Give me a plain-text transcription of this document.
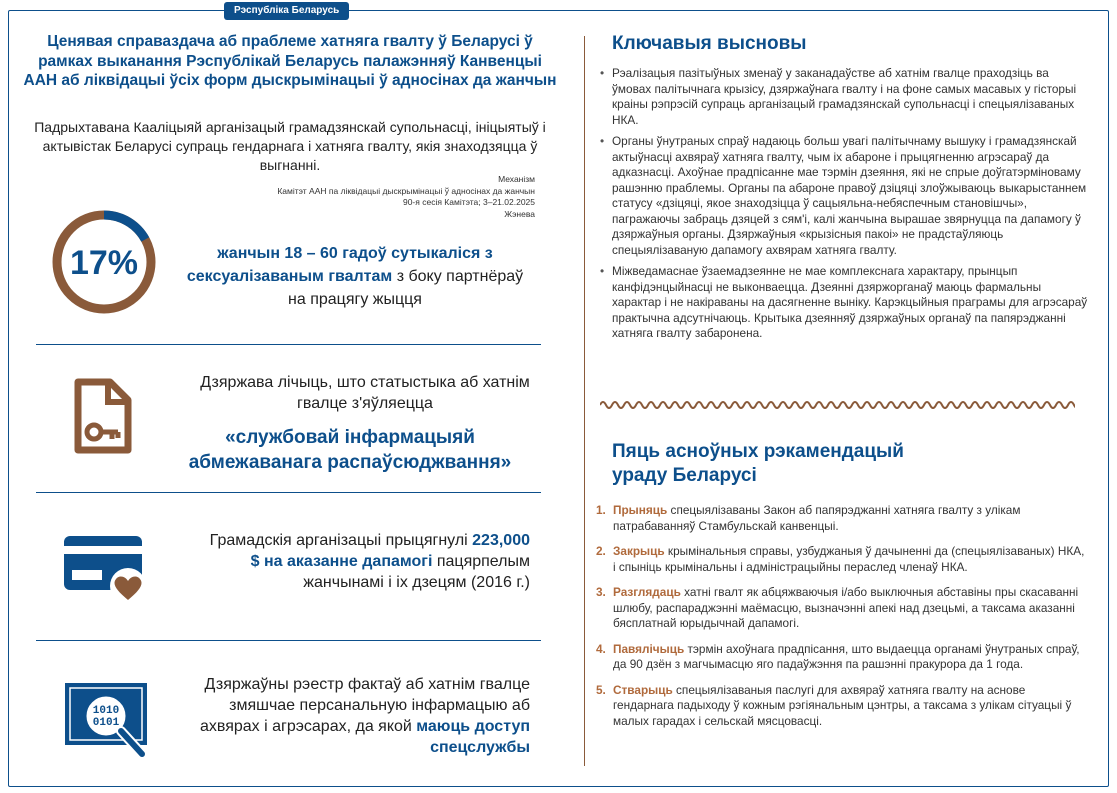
Рэспубліка Беларусь
Ценявая справаздача аб праблеме хатняга гвалту ў Беларусі ў рамках выканання Рэспублікай Беларусь палажэнняў Канвенцыі ААН аб ліквідацыі ўсіх форм дыскрымінацыі ў адносінах да жанчын
Падрыхтавана Кааліцыяй арганізацый грамадзянскай супольнасці, ініцыятыў і актывістак Беларусі супраць гендарнага і хатняга гвалту, якія знаходзяцца ў выгнанні.
Механізм
Камітэт ААН па ліквідацыі дыскрымінацыі ў адносінах да жанчын
90-я сесія Камітэта; 3–21.02.2025
Жэнева
17%	жанчын 18 – 60 гадоў сутыкаліся з сексуалізаваным гвалтам з боку партнёраў на працягу жыцця
Дзяржава лічыць, што статыстыка аб хатнім гвалце з'яўляецца
«службовай інфармацыяй абмежаванага распаўсюджвання»
Грамадскія арганізацыі прыцягнулі 223,000 $ на аказанне дапамогі пацярпелым жанчынамі і іх дзецям (2016 г.)
1010
0101
Дзяржаўны рэестр фактаў аб хатнім гвалце змяшчае персанальную інфармацыю аб ахвярах і агрэсарах, да якой маюць доступ спецслужбы
Ключавыя высновы
• Рэалізацыя пазітыўных зменаў у заканадаўстве аб хатнім гвалце праходзіць ва ўмовах палітычнага крызісу, дзяржаўнага гвалту і на фоне самых масавых у гісторыі краіны рэпрэсій супраць арганізацый грамадзянскай супольнасці і спецыялізаваных НКА.
• Органы ўнутраных спраў надаюць больш увагі палітычнаму вышуку і грамадзянскай актыўнасці ахвяраў хатняга гвалту, чым іх абароне і прыцягненню агрэсараў да адказнасці. Ахоўнае прадпісанне мае тэрмін дзеяння, які не спрые доўгатэрміноваму рашэнню праблемы. Органы па абароне правоў дзіцяці злоўжываюць выкарыстаннем статусу «дзіцяці, якое знаходзіцца ў сацыяльна-небяспечным становішчы», пагражаючы забраць дзяцей з сям'і, калі жанчына вырашае звярнуцца па дапамогу ў дзяржаўныя органы. Дзяржаўныя «крызісныя пакоі» не прадстаўляюць спецыялізаваную дапамогу ахвярам хатняга гвалту.
• Міжведамаснае ўзаемадзеянне не мае комплекснага характару, прынцып канфідэнцыйнасці не выконваецца. Дзеянні дзяржорганаў маюць фармальны характар і не накіраваны на дасягненне выніку. Карэкцыйныя праграмы для агрэсараў практычна адсутнічаюць. Крытыка дзеянняў дзяржаўных органаў па папярэджанні хатняга гвалту забаронена.
Пяць асноўных рэкамендацый
ураду Беларусі
1. Прыняць спецыялізаваны Закон аб папярэджанні хатняга гвалту з улікам патрабаванняў Стамбульскай канвенцыі.
2. Закрыць крымінальныя справы, узбуджаныя ў дачыненні да (спецыялізаваных) НКА, і спыніць крымінальны і адміністрацыйны пераслед членаў НКА.
3. Разглядаць хатні гвалт як абцяжваючыя і/або выключныя абставіны пры скасаванні шлюбу, распараджэнні маёмасцю, вызначэнні апекі над дзецьмі, а таксама аказанні бясплатнай юрыдычнай дапамогі.
4. Павялічыць тэрмін ахоўнага прадпісання, што выдаецца органамі ўнутраных спраў, да 90 дзён з магчымасцю яго падаўжэння па рашэнні пракурора да 1 года.
5. Стварыць спецыялізаваныя паслугі для ахвяраў хатняга гвалту на аснове гендарнага падыходу ў кожным рэгіянальным цэнтры, а таксама з улікам сітуацыі ў малых гарадах і сельскай мясцовасці.
